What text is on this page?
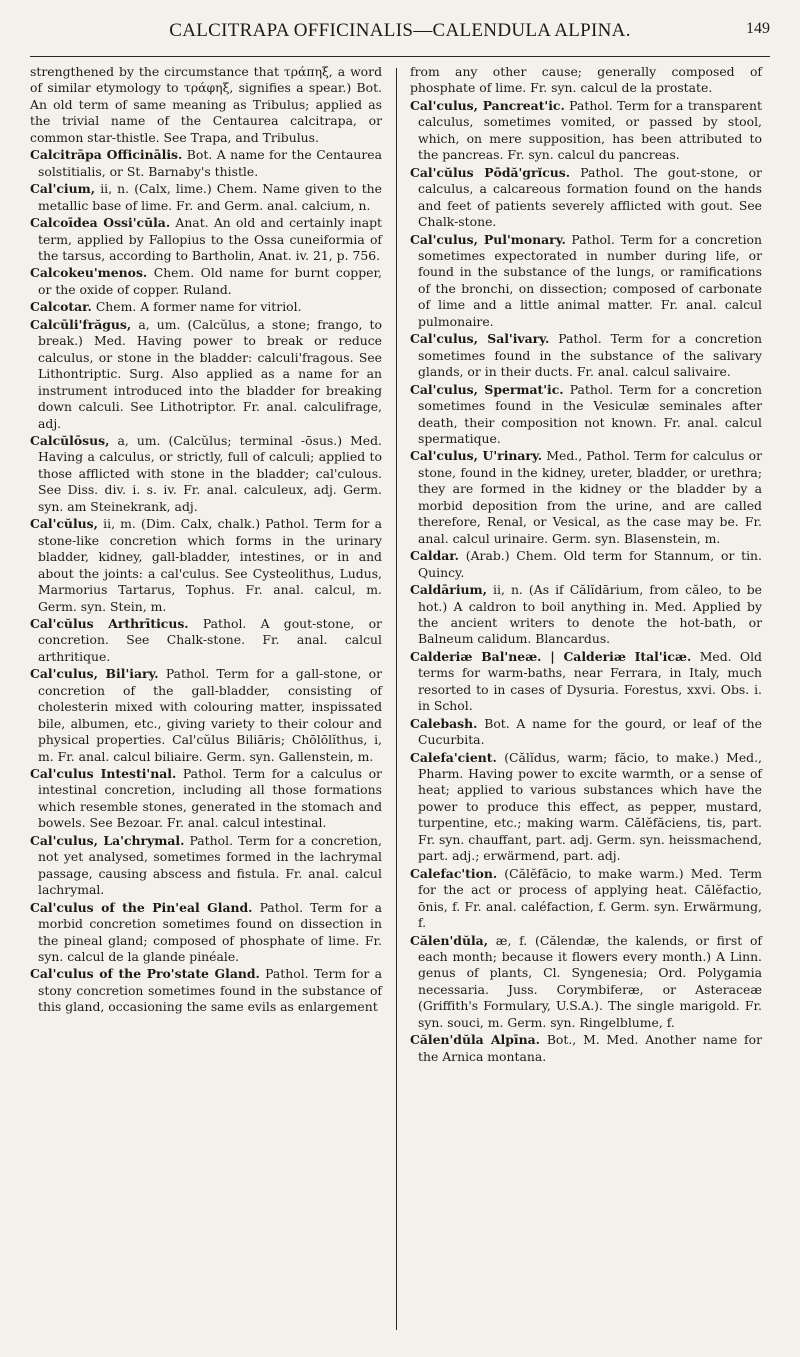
CALCITRAPA OFFICINALIS—CALENDULA ALPINA.	149

strengthened by the circumstance that τράπηξ, a word of similar etymology to τράφηξ, signifies a spear.) Bot. An old term of same meaning as Tribulus; applied as the trivial name of the Centaurea calcitrapa, or common star-thistle. See Trapa, and Tribulus.

Calcitrāpa Officinālis. Bot. A name for the Centaurea solstitialis, or St. Barnaby's thistle.

Cal'cium, ii, n. (Calx, lime.) Chem. Name given to the metallic base of lime. Fr. and Germ. anal. calcium, n.

Calcoīdea Ossi'cŭla. Anat. An old and certainly inapt term, applied by Fallopius to the Ossa cuneiformia of the tarsus, according to Bartholin, Anat. iv. 21, p. 756.

Calcokeu'menos. Chem. Old name for burnt copper, or the oxide of copper. Ruland.

Calcotar. Chem. A former name for vitriol.

Calcūli'frăgus, a, um. (Calcŭlus, a stone; frango, to break.) Med. Having power to break or reduce calculus, or stone in the bladder: calculi'fragous. See Lithontriptic. Surg. Also applied as a name for an instrument introduced into the bladder for breaking down calculi. See Lithotriptor. Fr. anal. calculifrage, adj.

Calcŭlōsus, a, um. (Calcŭlus; terminal -ōsus.) Med. Having a calculus, or strictly, full of calculi; applied to those afflicted with stone in the bladder; cal'culous. See Diss. div. i. s. iv. Fr. anal. calculeux, adj. Germ. syn. am Steinekrank, adj.

Cal'cŭlus, ii, m. (Dim. Calx, chalk.) Pathol. Term for a stone-like concretion which forms in the urinary bladder, kidney, gall-bladder, intestines, or in and about the joints: a cal'culus. See Cysteolithus, Ludus, Marmorius Tartarus, Tophus. Fr. anal. calcul, m. Germ. syn. Stein, m.

Cal'cŭlus Arthrīticus. Pathol. A gout-stone, or concretion. See Chalk-stone. Fr. anal. calcul arthritique.

Cal'culus, Bil'iary. Pathol. Term for a gall-stone, or concretion of the gall-bladder, consisting of cholesterin mixed with colouring matter, inspissated bile, albumen, etc., giving variety to their colour and physical properties. Cal'cŭlus Biliāris; Chōlōlĭthus, i, m. Fr. anal. calcul biliaire. Germ. syn. Gallenstein, m.

Cal'culus Intesti'nal. Pathol. Term for a calculus or intestinal concretion, including all those formations which resemble stones, generated in the stomach and bowels. See Bezoar. Fr. anal. calcul intestinal.

Cal'culus, La'chrymal. Pathol. Term for a concretion, not yet analysed, sometimes formed in the lachrymal passage, causing abscess and fistula. Fr. anal. calcul lachrymal.

Cal'culus of the Pin'eal Gland. Pathol. Term for a morbid concretion sometimes found on dissection in the pineal gland; composed of phosphate of lime. Fr. syn. calcul de la glande pinéale.

Cal'culus of the Pro'state Gland. Pathol. Term for a stony concretion sometimes found in the substance of this gland, occasioning the same evils as enlargement

from any other cause; generally composed of phosphate of lime. Fr. syn. calcul de la prostate.

Cal'culus, Pancreat'ic. Pathol. Term for a transparent calculus, sometimes vomited, or passed by stool, which, on mere supposition, has been attributed to the pancreas. Fr. syn. calcul du pancreas.

Cal'cŭlus Pōdă'grĭcus. Pathol. The gout-stone, or calculus, a calcareous formation found on the hands and feet of patients severely afflicted with gout. See Chalk-stone.

Cal'culus, Pul'monary. Pathol. Term for a concretion sometimes expectorated in number during life, or found in the substance of the lungs, or ramifications of the bronchi, on dissection; composed of carbonate of lime and a little animal matter. Fr. anal. calcul pulmonaire.

Cal'culus, Sal'ivary. Pathol. Term for a concretion sometimes found in the substance of the salivary glands, or in their ducts. Fr. anal. calcul salivaire.

Cal'culus, Spermat'ic. Pathol. Term for a concretion sometimes found in the Vesiculæ seminales after death, their composition not known. Fr. anal. calcul spermatique.

Cal'culus, U'rinary. Med., Pathol. Term for calculus or stone, found in the kidney, ureter, bladder, or urethra; they are formed in the kidney or the bladder by a morbid deposition from the urine, and are called therefore, Renal, or Vesical, as the case may be. Fr. anal. calcul urinaire. Germ. syn. Blasenstein, m.

Caldar. (Arab.) Chem. Old term for Stannum, or tin. Quincy.

Caldārium, ii, n. (As if Călĭdārium, from căleo, to be hot.) A caldron to boil anything in. Med. Applied by the ancient writers to denote the hot-bath, or Balneum calidum. Blancardus.

Calderiæ Bal'neæ. | Calderiæ Ital'icæ. Med. Old terms for warm-baths, near Ferrara, in Italy, much resorted to in cases of Dysuria. Forestus, xxvi. Obs. i. in Schol.

Calebash. Bot. A name for the gourd, or leaf of the Cucurbita.

Calefa'cient. (Călĭdus, warm; făcio, to make.) Med., Pharm. Having power to excite warmth, or a sense of heat; applied to various substances which have the power to produce this effect, as pepper, mustard, turpentine, etc.; making warm. Călĕfăciens, tis, part. Fr. syn. chauffant, part. adj. Germ. syn. heissmachend, part. adj.; erwärmend, part. adj.

Calefac'tion. (Călĕfăcio, to make warm.) Med. Term for the act or process of applying heat. Călĕfactio, ōnis, f. Fr. anal. caléfaction, f. Germ. syn. Erwärmung, f.

Călen'dŭla, æ, f. (Călendæ, the kalends, or first of each month; because it flowers every month.) A Linn. genus of plants, Cl. Syngenesia; Ord. Polygamia necessaria. Juss. Corymbiferæ, or Asteraceæ (Griffith's Formulary, U.S.A.). The single marigold. Fr. syn. souci, m. Germ. syn. Ringelblume, f.

Călen'dŭla Alpīna. Bot., M. Med. Another name for the Arnica montana.
